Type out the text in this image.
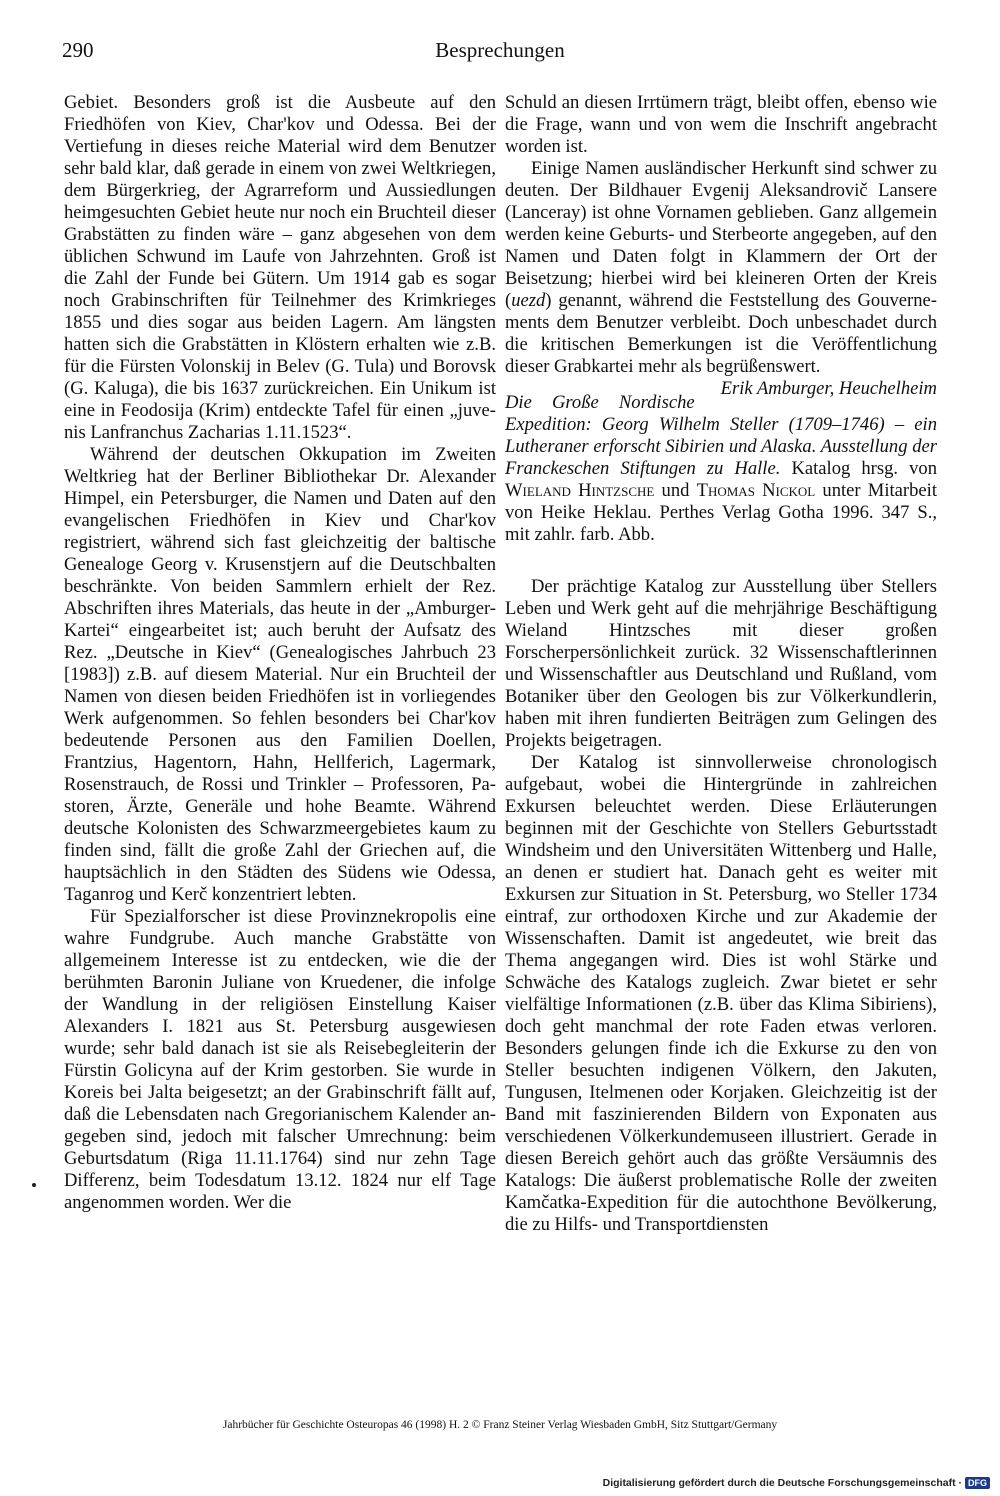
290	Besprechungen

Gebiet. Besonders groß ist die Ausbeute auf den Friedhöfen von Kiev, Char'kov und Odessa. Bei der Vertiefung in dieses reiche Material wird dem Benutzer sehr bald klar, daß gerade in einem von zwei Weltkriegen, dem Bürgerkrieg, der Agrarreform und Aussiedlungen heimgesuchten Gebiet heute nur noch ein Bruchteil dieser Grabstätten zu finden wäre – ganz abgesehen von dem üblichen Schwund im Laufe von Jahrzehnten. Groß ist die Zahl der Funde bei Gütern. Um 1914 gab es sogar noch Grabinschriften für Teilnehmer des Krimkrieges 1855 und dies sogar aus beiden Lagern. Am längsten hatten sich die Grabstätten in Klöstern erhalten wie z.B. für die Fürsten Volonskij in Belev (G. Tula) und Borovsk (G. Kaluga), die bis 1637 zurückreichen. Ein Unikum ist eine in Feodosija (Krim) entdeckte Tafel für einen „juvenis Lanfranchus Zacharias 1.11.1523“.

Während der deutschen Okkupation im Zweiten Weltkrieg hat der Berliner Bibliothekar Dr. Alexander Himpel, ein Petersburger, die Namen und Daten auf den evangelischen Friedhöfen in Kiev und Char'kov registriert, während sich fast gleichzeitig der baltische Genealoge Georg v. Krusenstjern auf die Deutschbalten beschränkte. Von beiden Sammlern erhielt der Rez. Abschriften ihres Materials, das heute in der „Amburger-Kartei“ eingearbeitet ist; auch beruht der Aufsatz des Rez. „Deutsche in Kiev“ (Genealogisches Jahrbuch 23 [1983]) z.B. auf diesem Material. Nur ein Bruchteil der Namen von diesen beiden Friedhöfen ist in vorliegendes Werk aufgenommen. So fehlen besonders bei Char'kov bedeutende Personen aus den Familien Doellen, Frantzius, Hagentorn, Hahn, Hellferich, Lagermark, Rosenstrauch, de Rossi und Trinkler – Professoren, Pastoren, Ärzte, Generäle und hohe Beamte. Während deutsche Kolonisten des Schwarzmeergebietes kaum zu finden sind, fällt die große Zahl der Griechen auf, die hauptsächlich in den Städten des Südens wie Odessa, Taganrog und Kerč konzentriert lebten.

Für Spezialforscher ist diese Provinznekropolis eine wahre Fundgrube. Auch manche Grabstätte von allgemeinem Interesse ist zu entdecken, wie die der berühmten Baronin Juliane von Kruedener, die infolge der Wandlung in der religiösen Einstellung Kaiser Alexanders I. 1821 aus St. Petersburg ausgewiesen wurde; sehr bald danach ist sie als Reisebegleiterin der Fürstin Golicyna auf der Krim gestorben. Sie wurde in Koreis bei Jalta beigesetzt; an der Grabinschrift fällt auf, daß die Lebensdaten nach Gregorianischem Kalender angegeben sind, jedoch mit falscher Umrechnung: beim Geburtsdatum (Riga 11.11.1764) sind nur zehn Tage Differenz, beim Todesdatum 13.12. 1824 nur elf Tage angenommen worden. Wer die

Schuld an diesen Irrtümern trägt, bleibt offen, ebenso wie die Frage, wann und von wem die Inschrift angebracht worden ist.

Einige Namen ausländischer Herkunft sind schwer zu deuten. Der Bildhauer Evgenij Aleksandrovič Lansere (Lanceray) ist ohne Vornamen geblieben. Ganz allgemein werden keine Geburts- und Sterbeorte angegeben, auf den Namen und Daten folgt in Klammern der Ort der Beisetzung; hierbei wird bei kleineren Orten der Kreis (uezd) genannt, während die Feststellung des Gouvernements dem Benutzer verbleibt. Doch unbeschadet durch die kritischen Bemerkungen ist die Veröffentlichung dieser Grabkartei mehr als begrüßenswert.
Erik Amburger, Heuchelheim

Die Große Nordische Expedition: Georg Wilhelm Steller (1709–1746) – ein Lutheraner erforscht Sibirien und Alaska. Ausstellung der Franckeschen Stiftungen zu Halle. Katalog hrsg. von Wieland Hintzsche und Thomas Nickol unter Mitarbeit von Heike Heklau. Perthes Verlag Gotha 1996. 347 S., mit zahlr. farb. Abb.

Der prächtige Katalog zur Ausstellung über Stellers Leben und Werk geht auf die mehrjährige Beschäftigung Wieland Hintzsches mit dieser großen Forscherpersönlichkeit zurück. 32 Wissenschaftlerinnen und Wissenschaftler aus Deutschland und Rußland, vom Botaniker über den Geologen bis zur Völkerkundlerin, haben mit ihren fundierten Beiträgen zum Gelingen des Projekts beigetragen.

Der Katalog ist sinnvollerweise chronologisch aufgebaut, wobei die Hintergründe in zahlreichen Exkursen beleuchtet werden. Diese Erläuterungen beginnen mit der Geschichte von Stellers Geburtsstadt Windsheim und den Universitäten Wittenberg und Halle, an denen er studiert hat. Danach geht es weiter mit Exkursen zur Situation in St. Petersburg, wo Steller 1734 eintraf, zur orthodoxen Kirche und zur Akademie der Wissenschaften. Damit ist angedeutet, wie breit das Thema angegangen wird. Dies ist wohl Stärke und Schwäche des Katalogs zugleich. Zwar bietet er sehr vielfältige Informationen (z.B. über das Klima Sibiriens), doch geht manchmal der rote Faden etwas verloren. Besonders gelungen finde ich die Exkurse zu den von Steller besuchten indigenen Völkern, den Jakuten, Tungusen, Itelmenen oder Korjaken. Gleichzeitig ist der Band mit faszinierenden Bildern von Exponaten aus verschiedenen Völkerkundemuseen illustriert. Gerade in diesen Bereich gehört auch das größte Versäumnis des Katalogs: Die äußerst problematische Rolle der zweiten Kamčatka-Expedition für die autochthone Bevölkerung, die zu Hilfs- und Transportdiensten

Jahrbücher für Geschichte Osteuropas 46 (1998) H. 2 © Franz Steiner Verlag Wiesbaden GmbH, Sitz Stuttgart/Germany
Digitalisierung gefördert durch die Deutsche Forschungsgemeinschaft · DFG
